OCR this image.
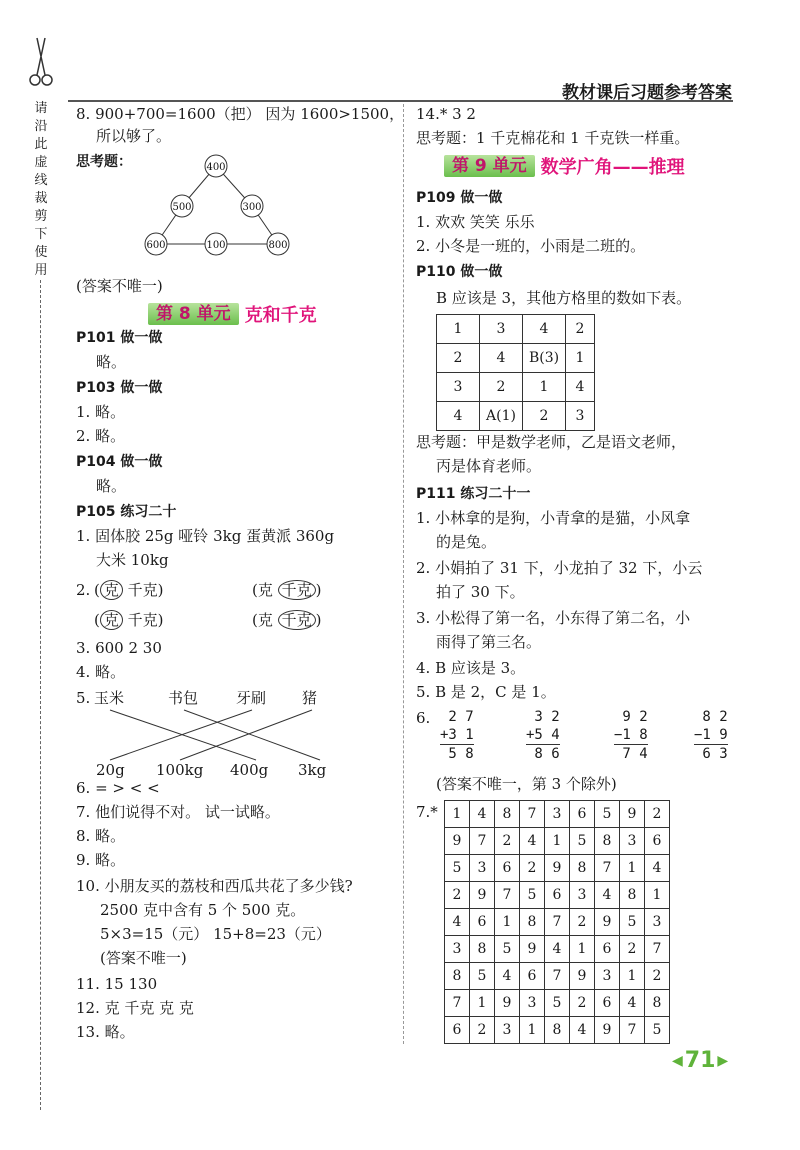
请
沿
此
虚
线
裁
剪
下
使
用
教材课后习题参考答案
8. 900+700=1600（把） 因为 1600>1500，
所以够了。
思考题：	400
500	300
600	100	800
(答案不唯一)
第 8 单元 克和千克
P101 做一做
略。
P103 做一做
1. 略。
2. 略。
P104 做一做
略。
P105 练习二十
1. 固体胶 25g 哑铃 3kg 蛋黄派 360g
大米 10kg
2. ( 克 千克)	(克 千克 )
( 克 千克)	(克 千克 )
3. 600 2 30
4. 略。
5. 玉米	书包	牙刷 猪
20g 100kg 400g 3kg
6. = > < <
7. 他们说得不对。 试一试略。
8. 略。
9. 略。
10. 小朋友买的荔枝和西瓜共花了多少钱?
2500 克中含有 5 个 500 克。
5×3=15（元） 15+8=23（元）
(答案不唯一)
11. 15 130
12. 克 千克 克 克
13. 略。
14.* 3 2
思考题：1 千克棉花和 1 千克铁一样重。
第 9 单元 数学广角——推理
P109 做一做
1. 欢欢 笑笑 乐乐
2. 小冬是一班的，小雨是二班的。
P110 做一做
B 应该是 3，其他方格里的数如下表。
1	3	4	2
2	4	B(3)	1
3	2	1	4
4	A(1)	2	3
思考题：甲是数学老师，乙是语文老师，
丙是体育老师。
P111 练习二十一
1. 小林拿的是狗，小青拿的是猫，小风拿
的是兔。
2. 小娟拍了 31 下，小龙拍了 32 下，小云
拍了 30 下。
3. 小松得了第一名，小东得了第二名，小
雨得了第三名。
4. B 应该是 3。
5. B 是 2，C 是 1。
6. 2 7
+3 1
5 8
3 2
+5 4
8 6
9 2
−1 8
7 4
8 2
−1 9
6 3
(答案不唯一，第 3 个除外)
7.* 1	4	8	7	3	6	5	9	2
9	7	2	4	1	5	8	3	6
5	3	6	2	9	8	7	1	4
2	9	7	5	6	3	4	8	1
4	6	1	8	7	2	9	5	3
3	8	5	9	4	1	6	2	7
8	5	4	6	7	9	3	1	2
7	1	9	3	5	2	6	4	8
6	2	3	1	8	4	9	7	5
◀ 71 ▶
